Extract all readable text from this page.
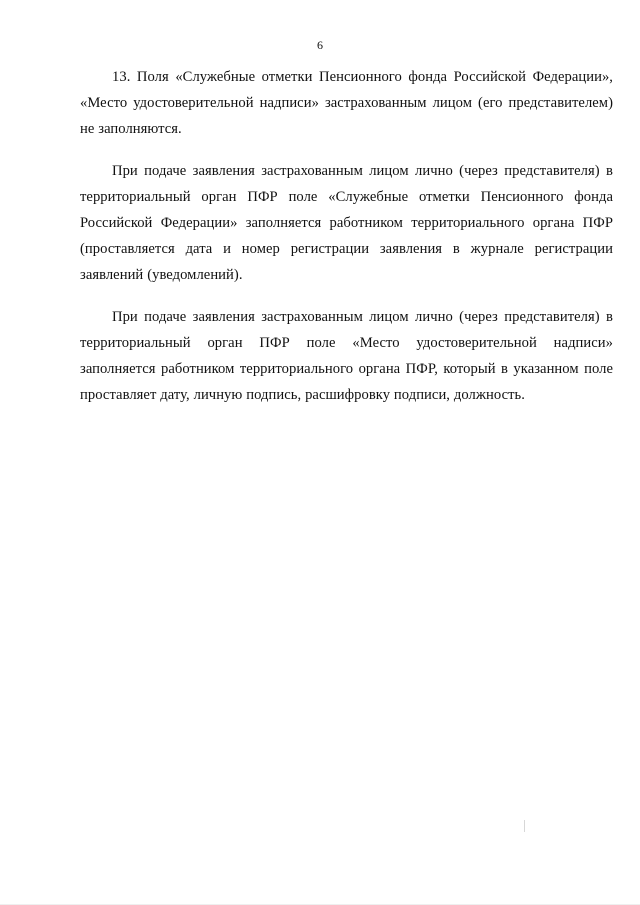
6

13. Поля «Служебные отметки Пенсионного фонда Российской Федерации», «Место удостоверительной надписи» застрахованным лицом (его представителем) не заполняются.

При подаче заявления застрахованным лицом лично (через представителя) в территориальный орган ПФР поле «Служебные отметки Пенсионного фонда Российской Федерации» заполняется работником территориального органа ПФР (проставляется дата и номер регистрации заявления в журнале регистрации заявлений (уведомлений).

При подаче заявления застрахованным лицом лично (через представителя) в территориальный орган ПФР поле «Место удостоверительной надписи» заполняется работником территориального органа ПФР, который в указанном поле проставляет дату, личную подпись, расшифровку подписи, должность.
